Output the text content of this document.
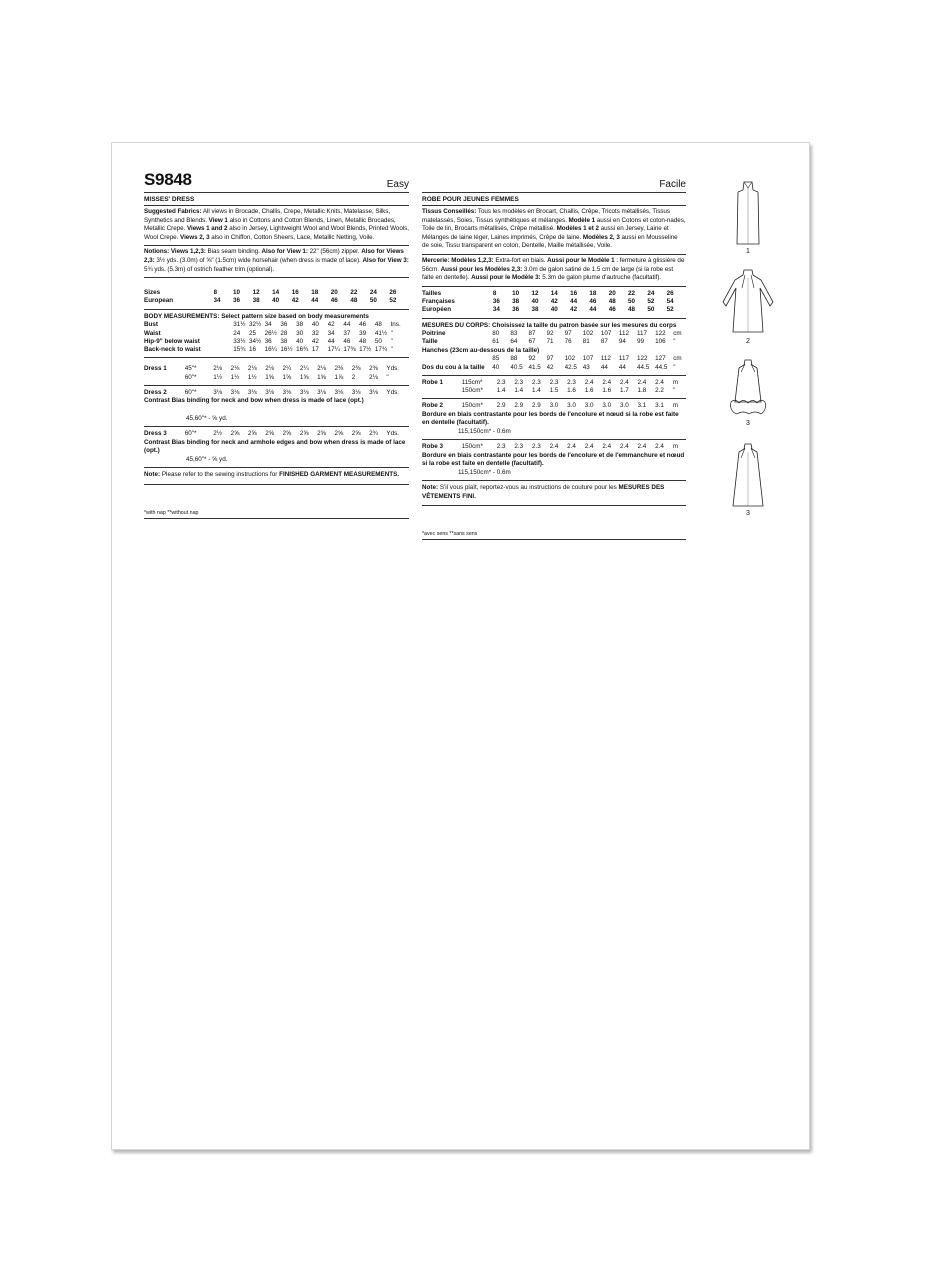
S9848	Easy
MISSES' DRESS
Suggested Fabrics: All views in Brocade, Challis, Crepe, Metallic Knits, Matelasse, Silks, Synthetics and Blends. View 1 also in Cottons and Cotton Blends, Linen, Metallic Brocades, Metallic Crepe. Views 1 and 2 also in Jersey, Lightweight Wool and Wool Blends, Printed Wools, Wool Crepe. Views 2, 3 also in Chiffon, Cotton Sheers, Lace, Metallic Netting, Voile.
Notions: Views 1,2,3: Bias seam binding. Also for View 1: 22" (56cm) zipper. Also for Views 2,3: 3½ yds. (3.0m) of ⅝" (1.5cm) wide horsehair (when dress is made of lace). Also for View 3: 5¾ yds. (5.3m) of ostrich feather trim (optional).
Sizes	8	10	12	14	16	18	20	22	24	26	
European	34	36	38	40	42	44	46	48	50	52	
BODY MEASUREMENTS: Select pattern size based on body measurements
Bust	31½	32½	34	36	38	40	42	44	46	48	Ins.
Waist	24	25	26½	28	30	32	34	37	39	41½	"
Hip-9" below waist	33½	34½	36	38	40	42	44	46	48	50	"
Back-neck to waist	15¾	16	16¼	16½	16¾	17	17¼	17⅜	17½	17¾	"
Dress 1	45"*	2⅛	2⅛	2⅛	2⅛	2¼	2¼	2⅛	2⅜	2⅜	2⅜	Yds.
	60"*	1½	1½	1½	1⅝	1⅝	1⅝	1⅝	1⅞	2	2⅛	"
Dress 2	60"*	3⅛	3⅛	3⅛	3⅛	3⅛	3⅛	3⅛	3⅛	3⅛	3⅛	Yds.
Contrast Bias binding for neck and bow when dress is made of lace (opt.)
45,60"* - ⅝ yd.
Dress 3	60"*	2½	2⅝	2⅝	2⅝	2⅝	2⅝	2⅝	2⅝	2⅝	2¾	Yds.
Contrast Bias binding for neck and armhole edges and bow when dress is made of lace (opt.)
45,60"* - ⅝ yd.
Note: Please refer to the sewing instructions for FINISHED GARMENT MEASUREMENTS.
*with nap **without nap
Facile
ROBE POUR JEUNES FEMMES
Tissus Conseillés: Tous les modèles en Brocart, Challis, Crêpe, Tricots métallisés, Tissus matelassés, Soies, Tissus synthétiques et mélanges. Modèle 1 aussi en Cotons et coton-nades, Toile de lin, Brocarts métallisés, Crêpe métallisé. Modèles 1 et 2 aussi en Jersey, Laine et Mélanges de laine léger, Laines imprimés, Crêpe de laine. Modèles 2, 3 aussi en Mousseline de soie, Tissu transparent en coton, Dentelle, Maille métallisée, Voile.
Mercerie: Modèles 1,2,3: Extra-fort en biais. Aussi pour le Modèle 1 : fermeture à glissière de 56cm. Aussi pour les Modèles 2,3: 3.0m de galon satiné de 1.5 cm de large (si la robe est faite en dentelle). Aussi pour le Modèle 3: 5.3m de galon plume d'autruche (facultatif).
Tailles	8	10	12	14	16	18	20	22	24	26	
Françaises	36	38	40	42	44	46	48	50	52	54	
Européen	34	36	38	40	42	44	46	48	50	52	
MESURES DU CORPS: Choisissez la taille du patron basée sur les mesures du corps
Poitrine	80	83	87	92	97	102	107	112	117	122	cm
Taille	61	64	67	71	76	81	87	94	99	106	"
Hanches (23cm au-dessous de la taille)
	85	88	92	97	102	107	112	117	122	127	cm
Dos du cou à la taille	40	40.5	41.5	42	42.5	43	44	44	44.5	44.5	"
Robe 1	115cm*	2.3	2.3	2.3	2.3	2.3	2.4	2.4	2.4	2.4	2.4	m
	150cm*	1.4	1.4	1.4	1.5	1.6	1.6	1.6	1.7	1.8	2.2	"
Robe 2	150cm*	2.9	2.9	2.9	3.0	3.0	3.0	3.0	3.0	3.1	3.1	m
Bordure en biais contrastante pour les bords de l'encolure et nœud si la robe est faite en dentelle (facultatif).
115,150cm* - 0.6m
Robe 3	150cm*	2.3	2.3	2.3	2.4	2.4	2.4	2.4	2.4	2.4	2.4	m
Bordure en biais contrastante pour les bords de l'encolure et de l'emmanchure et nœud si la robe est faite en dentelle (facultatif).
115,150cm* - 0.6m
Note: S'il vous plaît, reportez-vous au instructions de couture pour les MESURES DES VÊTEMENTS FINI.
*avec sens **sans sens
1
2
3
3
